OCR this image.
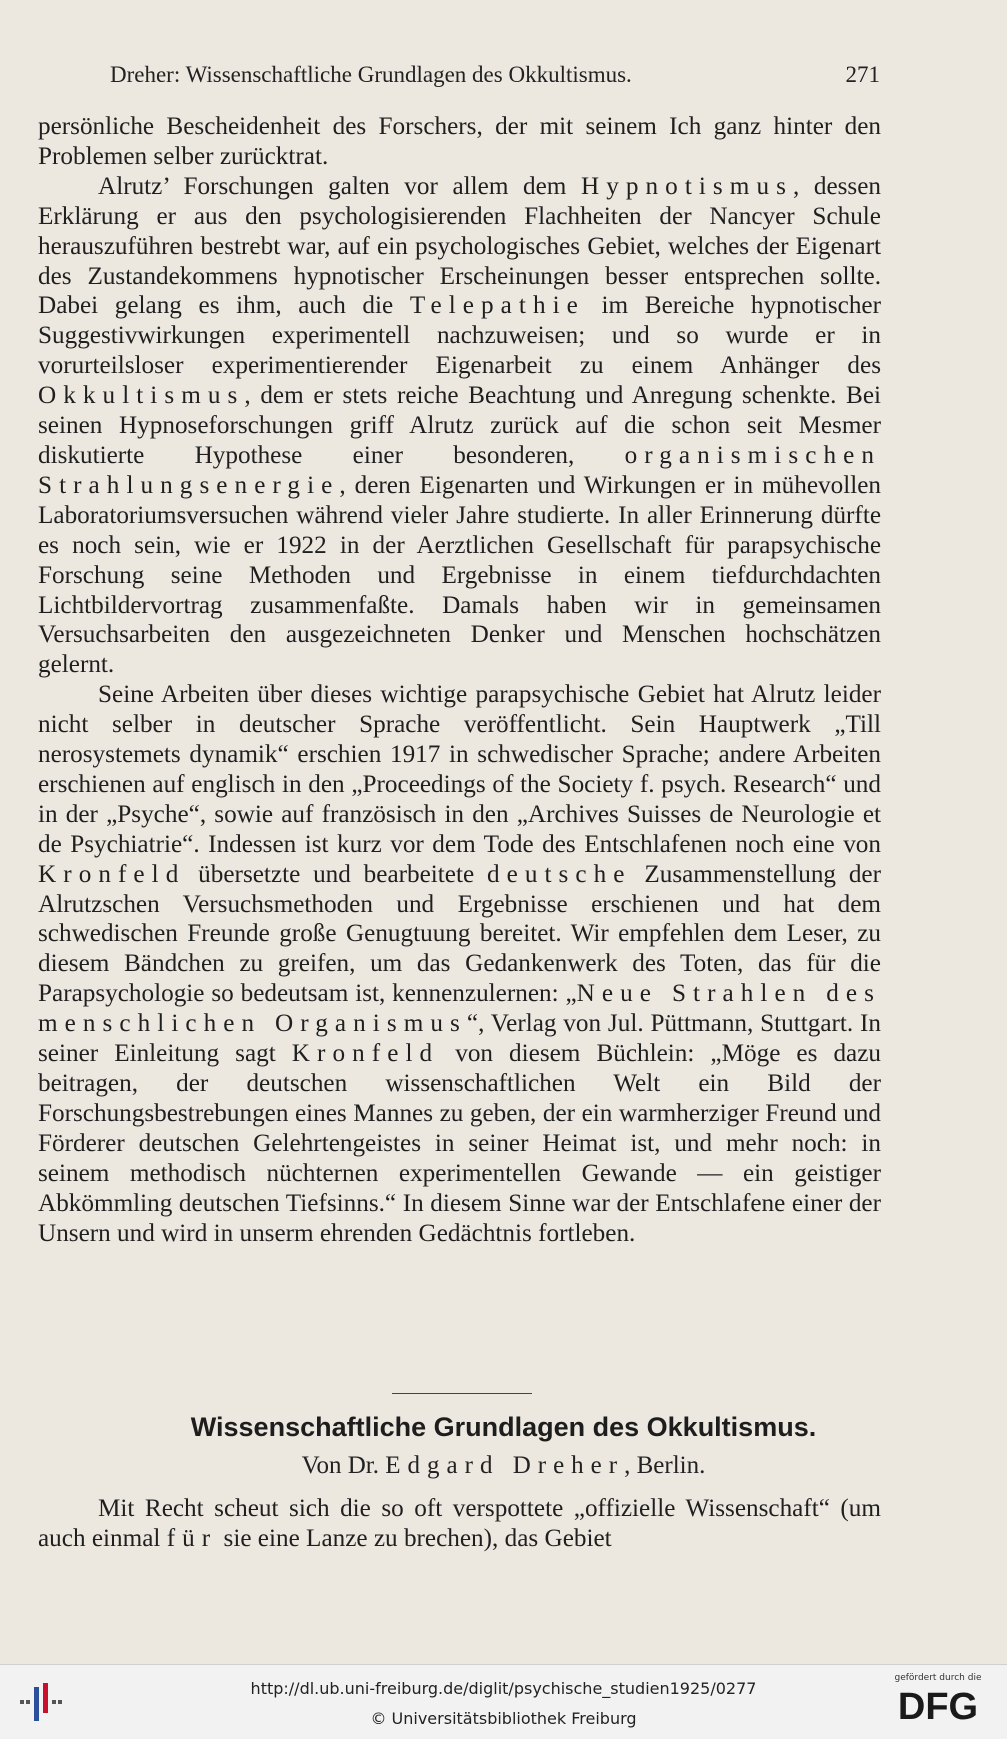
Dreher: Wissenschaftliche Grundlagen des Okkultismus.	271

persönliche Bescheidenheit des Forschers, der mit seinem Ich ganz hinter den Problemen selber zurücktrat.

Alrutz’ Forschungen galten vor allem dem Hypnotismus, dessen Erklärung er aus den psychologisierenden Flachheiten der Nancyer Schule herauszuführen bestrebt war, auf ein psychologisches Gebiet, welches der Eigenart des Zustandekommens hypnotischer Erscheinungen besser entsprechen sollte. Dabei gelang es ihm, auch die Telepathie im Bereiche hypnotischer Suggestivwirkungen experimentell nachzuweisen; und so wurde er in vorurteilsloser experimentierender Eigenarbeit zu einem Anhänger des Okkultismus, dem er stets reiche Beachtung und Anregung schenkte. Bei seinen Hypnoseforschungen griff Alrutz zurück auf die schon seit Mesmer diskutierte Hypothese einer besonderen, organismischen Strahlungsenergie, deren Eigenarten und Wirkungen er in mühevollen Laboratoriumsversuchen während vieler Jahre studierte. In aller Erinnerung dürfte es noch sein, wie er 1922 in der Aerztlichen Gesellschaft für parapsychische Forschung seine Methoden und Ergebnisse in einem tiefdurchdachten Lichtbildervortrag zusammenfaßte. Damals haben wir in gemeinsamen Versuchsarbeiten den ausgezeichneten Denker und Menschen hochschätzen gelernt.

Seine Arbeiten über dieses wichtige parapsychische Gebiet hat Alrutz leider nicht selber in deutscher Sprache veröffentlicht. Sein Hauptwerk „Till nerosystemets dynamik“ erschien 1917 in schwedischer Sprache; andere Arbeiten erschienen auf englisch in den „Proceedings of the Society f. psych. Research“ und in der „Psyche“, sowie auf französisch in den „Archives Suisses de Neurologie et de Psychiatrie“. Indessen ist kurz vor dem Tode des Entschlafenen noch eine von Kronfeld übersetzte und bearbeitete deutsche Zusammenstellung der Alrutzschen Versuchsmethoden und Ergebnisse erschienen und hat dem schwedischen Freunde große Genugtuung bereitet. Wir empfehlen dem Leser, zu diesem Bändchen zu greifen, um das Gedankenwerk des Toten, das für die Parapsychologie so bedeutsam ist, kennenzulernen: „Neue Strahlen des menschlichen Organismus“, Verlag von Jul. Püttmann, Stuttgart. In seiner Einleitung sagt Kronfeld von diesem Büchlein: „Möge es dazu beitragen, der deutschen wissenschaftlichen Welt ein Bild der Forschungsbestrebungen eines Mannes zu geben, der ein warmherziger Freund und Förderer deutschen Gelehrtengeistes in seiner Heimat ist, und mehr noch: in seinem methodisch nüchternen experimentellen Gewande — ein geistiger Abkömmling deutschen Tiefsinns.“ In diesem Sinne war der Entschlafene einer der Unsern und wird in unserm ehrenden Gedächtnis fortleben.

Wissenschaftliche Grundlagen des Okkultismus.
Von Dr. Edgard Dreher, Berlin.

Mit Recht scheut sich die so oft verspottete „offizielle Wissenschaft“ (um auch einmal für sie eine Lanze zu brechen), das Gebiet

http://dl.ub.uni-freiburg.de/diglit/psychische_studien1925/0277
© Universitätsbibliothek Freiburg
gefördert durch die
DFG
